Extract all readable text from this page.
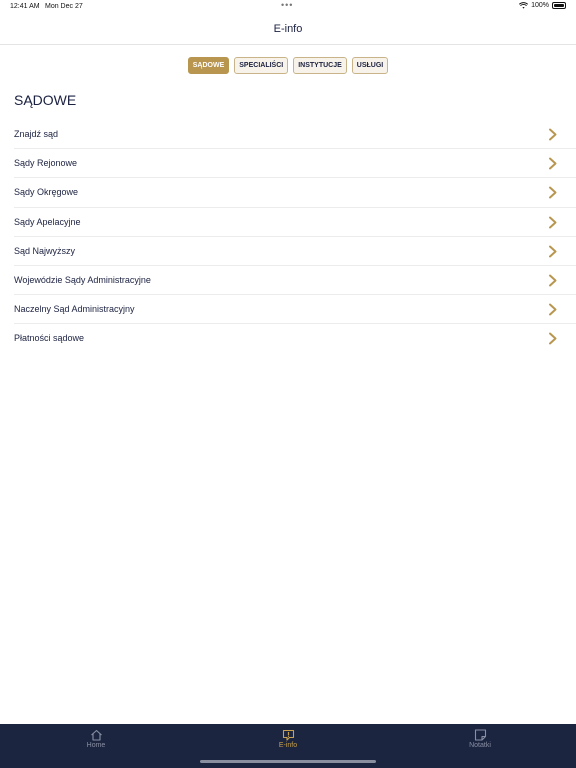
12:41 AM Mon Dec 27	•••	100%
E-info
SĄDOWE	SPECIALIŚCI	INSTYTUCJE	USŁUGI
SĄDOWE
Znajdź sąd
Sądy Rejonowe
Sądy Okręgowe
Sądy Apelacyjne
Sąd Najwyższy
Wojewódzie Sądy Administracyjne
Naczelny Sąd Administracyjny
Płatności sądowe
Home	E-info	Notatki
